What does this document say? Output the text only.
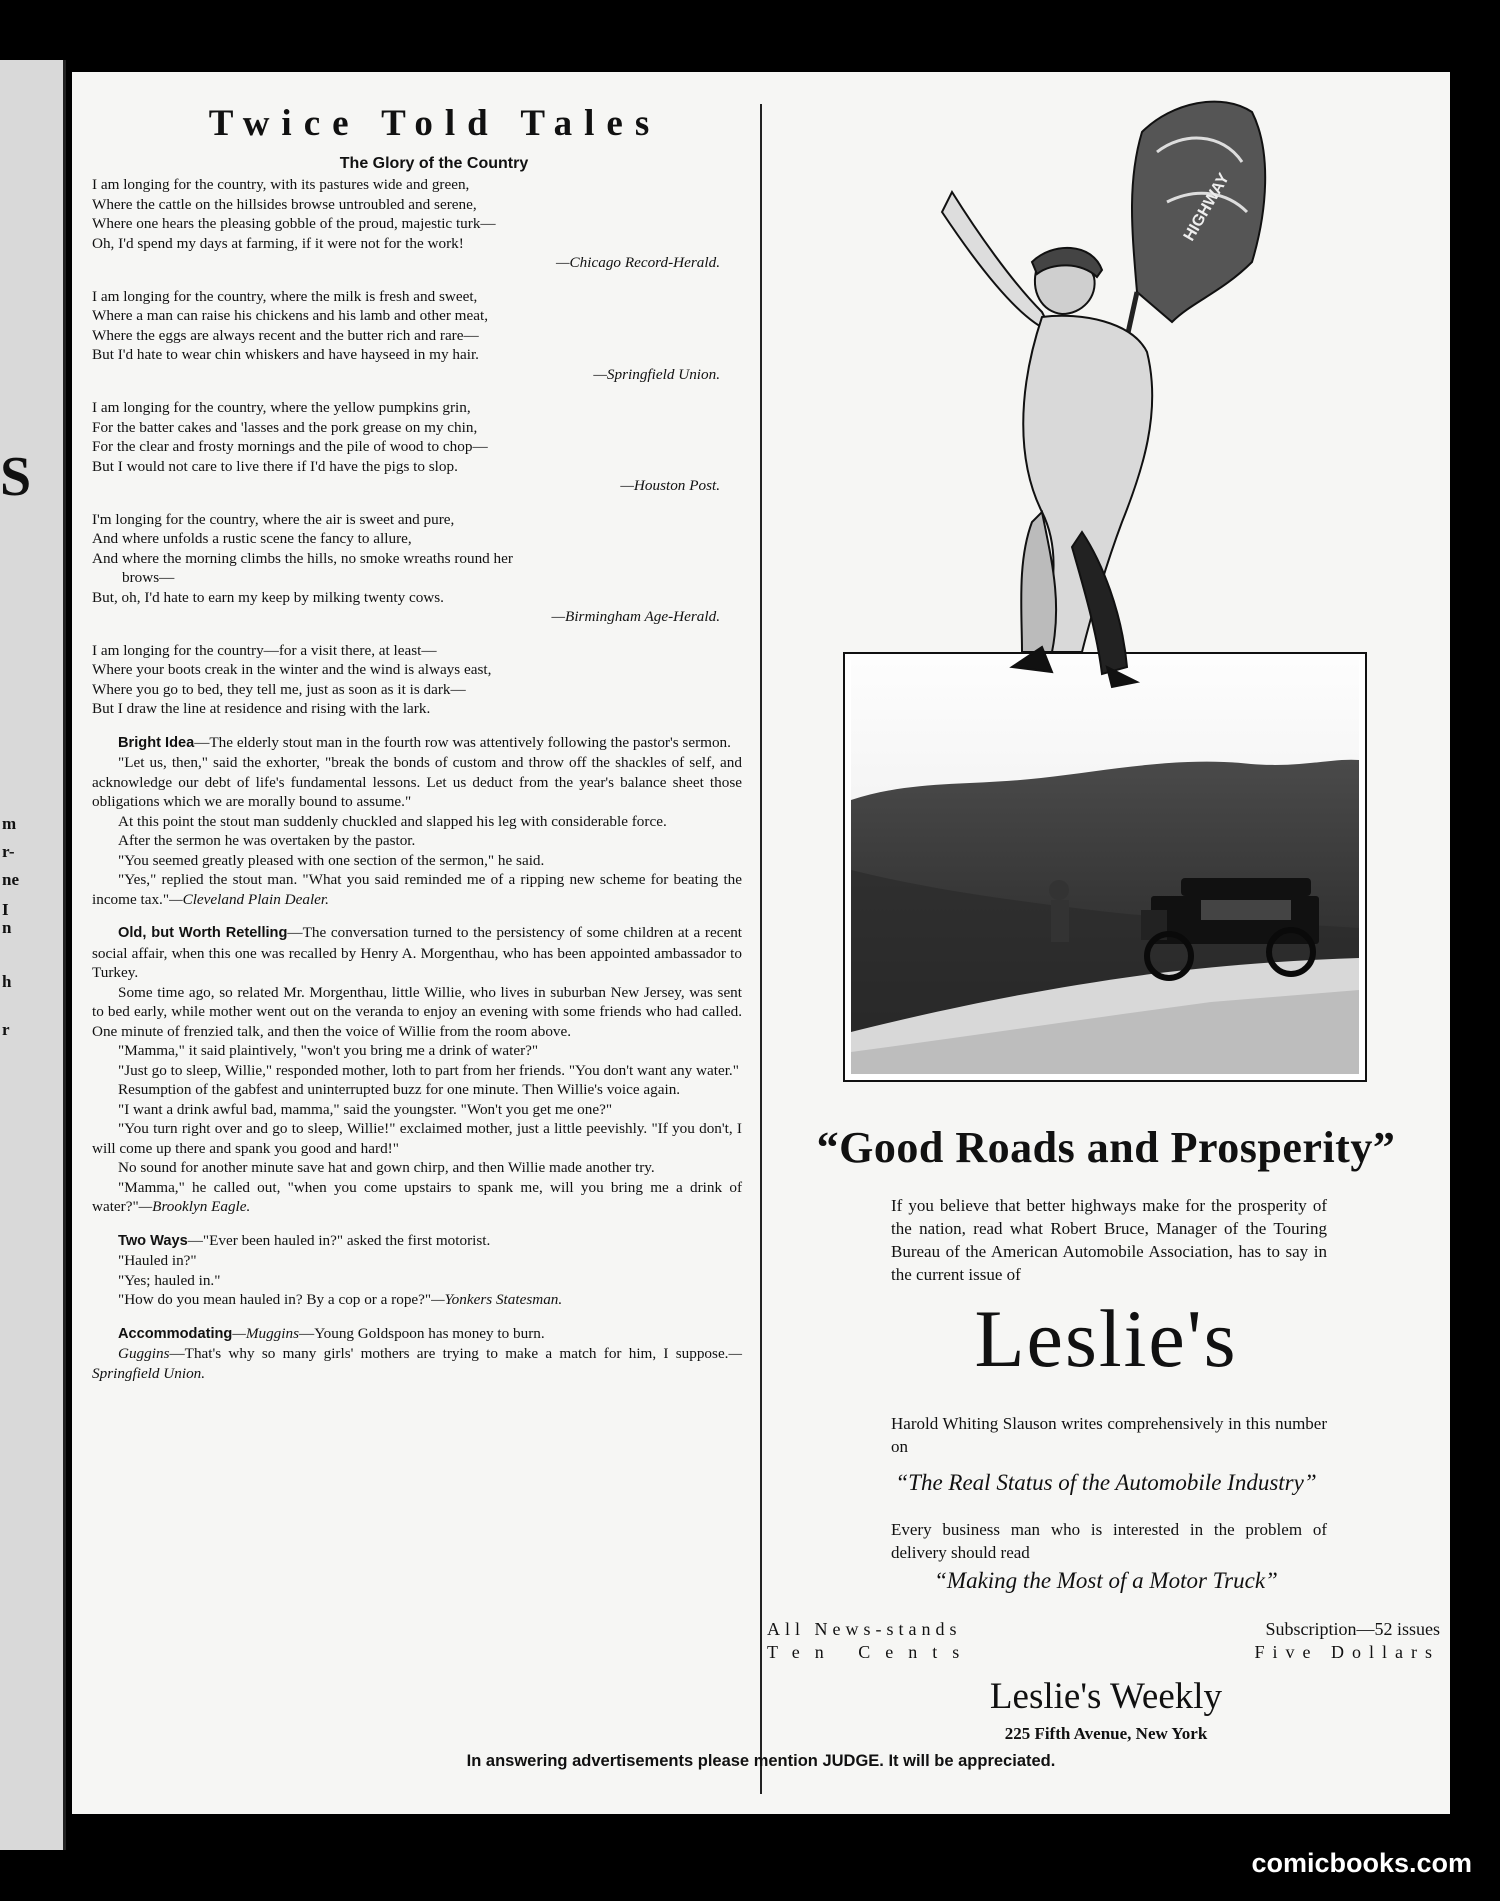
S
m
r-
ne
I
n
h
r
Twice Told Tales
The Glory of the Country
I am longing for the country, with its pastures wide and green,
Where the cattle on the hillsides browse untroubled and serene,
Where one hears the pleasing gobble of the proud, majestic turk—
Oh, I'd spend my days at farming, if it were not for the work!
—Chicago Record-Herald.
I am longing for the country, where the milk is fresh and sweet,
Where a man can raise his chickens and his lamb and other meat,
Where the eggs are always recent and the butter rich and rare—
But I'd hate to wear chin whiskers and have hayseed in my hair.
—Springfield Union.
I am longing for the country, where the yellow pumpkins grin,
For the batter cakes and 'lasses and the pork grease on my chin,
For the clear and frosty mornings and the pile of wood to chop—
But I would not care to live there if I'd have the pigs to slop.
—Houston Post.
I'm longing for the country, where the air is sweet and pure,
And where unfolds a rustic scene the fancy to allure,
And where the morning climbs the hills, no smoke wreaths round her
brows—
But, oh, I'd hate to earn my keep by milking twenty cows.
—Birmingham Age-Herald.
I am longing for the country—for a visit there, at least—
Where your boots creak in the winter and the wind is always east,
Where you go to bed, they tell me, just as soon as it is dark—
But I draw the line at residence and rising with the lark.
Bright Idea—The elderly stout man in the fourth row was attentively following the pastor's sermon.
"Let us, then," said the exhorter, "break the bonds of custom and throw off the shackles of self, and acknowledge our debt of life's fundamental lessons. Let us deduct from the year's balance sheet those obligations which we are morally bound to assume."
At this point the stout man suddenly chuckled and slapped his leg with considerable force.
After the sermon he was overtaken by the pastor.
"You seemed greatly pleased with one section of the sermon," he said.
"Yes," replied the stout man. "What you said reminded me of a ripping new scheme for beating the income tax."—Cleveland Plain Dealer.
Old, but Worth Retelling—The conversation turned to the persistency of some children at a recent social affair, when this one was recalled by Henry A. Morgenthau, who has been appointed ambassador to Turkey.
Some time ago, so related Mr. Morgenthau, little Willie, who lives in suburban New Jersey, was sent to bed early, while mother went out on the veranda to enjoy an evening with some friends who had called. One minute of frenzied talk, and then the voice of Willie from the room above.
"Mamma," it said plaintively, "won't you bring me a drink of water?"
"Just go to sleep, Willie," responded mother, loth to part from her friends. "You don't want any water."
Resumption of the gabfest and uninterrupted buzz for one minute. Then Willie's voice again.
"I want a drink awful bad, mamma," said the youngster. "Won't you get me one?"
"You turn right over and go to sleep, Willie!" exclaimed mother, just a little peevishly. "If you don't, I will come up there and spank you good and hard!"
No sound for another minute save hat and gown chirp, and then Willie made another try.
"Mamma," he called out, "when you come upstairs to spank me, will you bring me a drink of water?"—Brooklyn Eagle.
Two Ways—"Ever been hauled in?" asked the first motorist.
"Hauled in?"
"Yes; hauled in."
"How do you mean hauled in? By a cop or a rope?"—Yonkers Statesman.
Accommodating—Muggins—Young Goldspoon has money to burn.
Guggins—That's why so many girls' mothers are trying to make a match for him, I suppose.—Springfield Union.
HIGHWAY
“Good Roads and Prosperity”
If you believe that better highways make for the prosperity of the nation, read what Robert Bruce, Manager of the Touring Bureau of the American Automobile Association, has to say in the current issue of
Leslie's
Harold Whiting Slauson writes comprehensively in this number on
“The Real Status of the Automobile Industry”
Every business man who is interested in the problem of delivery should read
“Making the Most of a Motor Truck”
All News-stands
Ten Cents
Subscription—52 issues
Five Dollars
Leslie's Weekly
225 Fifth Avenue, New York
In answering advertisements please mention JUDGE. It will be appreciated.
comicbooks.com
